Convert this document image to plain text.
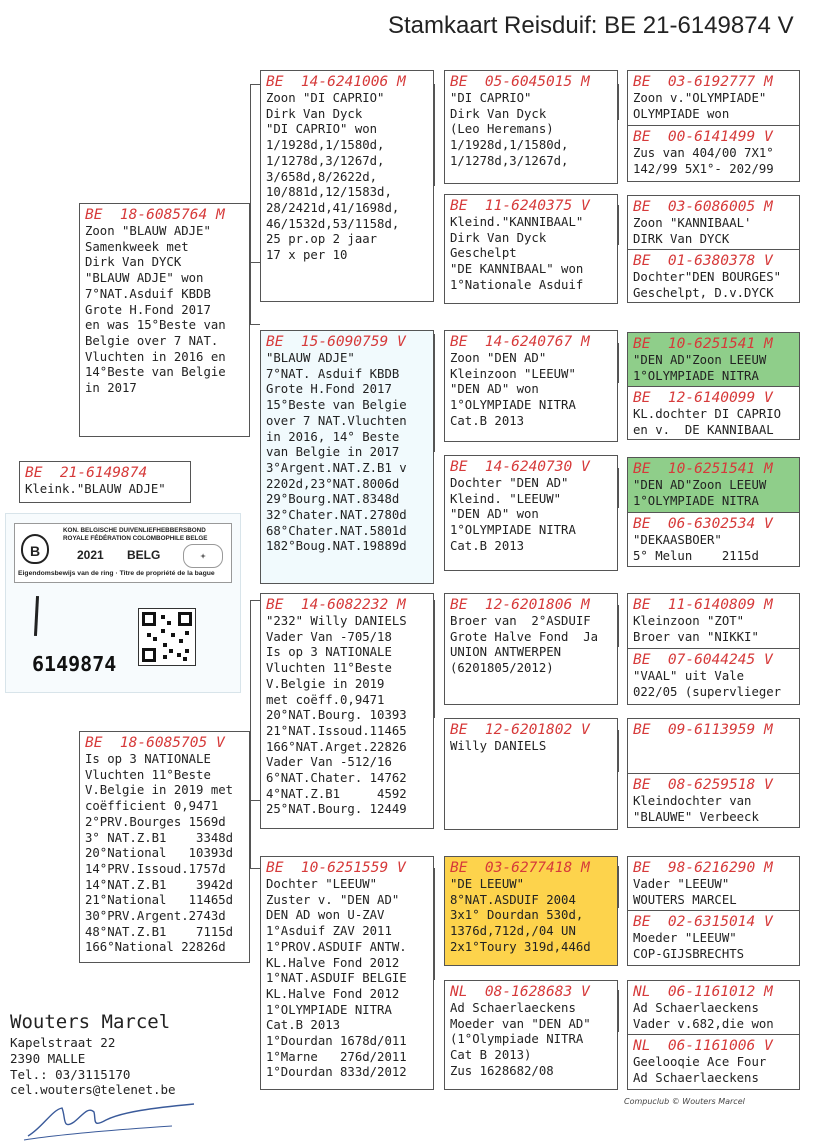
Stamkaart Reisduif: BE 21-6149874 V
BE  21-6149874
Kleink."BLAUW ADJE"
BE  18-6085764 M
Zoon "BLAUW ADJE"
Samenkweek met
Dirk Van DYCK
"BLAUW ADJE" won
7°NAT.Asduif KBDB
Grote H.Fond 2017
en was 15°Beste van
Belgie over 7 NAT.
Vluchten in 2016 en
14°Beste van Belgie
in 2017
BE  18-6085705 V
Is op 3 NATIONALE
Vluchten 11°Beste
V.Belgie in 2019 met
coëfficient 0,9471
2°PRV.Bourges 1569d
3° NAT.Z.B1    3348d
20°National   10393d
14°PRV.Issoud.1757d
14°NAT.Z.B1    3942d
21°National   11465d
30°PRV.Argent.2743d
48°NAT.Z.B1    7115d
166°National 22826d
BE  14-6241006 M
Zoon "DI CAPRIO"
Dirk Van Dyck
"DI CAPRIO" won
1/1928d,1/1580d,
1/1278d,3/1267d,
3/658d,8/2622d,
10/881d,12/1583d,
28/2421d,41/1698d,
46/1532d,53/1158d,
25 pr.op 2 jaar
17 x per 10
BE  15-6090759 V
"BLAUW ADJE"
7°NAT. Asduif KBDB
Grote H.Fond 2017
15°Beste van Belgie
over 7 NAT.Vluchten
in 2016, 14° Beste
van Belgie in 2017
3°Argent.NAT.Z.B1 v
2202d,23°NAT.8006d
29°Bourg.NAT.8348d
32°Chater.NAT.2780d
68°Chater.NAT.5801d
182°Boug.NAT.19889d
BE  14-6082232 M
"232" Willy DANIELS
Vader Van -705/18
Is op 3 NATIONALE
Vluchten 11°Beste
V.Belgie in 2019
met coëff.0,9471
20°NAT.Bourg. 10393
21°NAT.Issoud.11465
166°NAT.Arget.22826
Vader Van -512/16
6°NAT.Chater. 14762
4°NAT.Z.B1     4592
25°NAT.Bourg. 12449
BE  10-6251559 V
Dochter "LEEUW"
Zuster v. "DEN AD"
DEN AD won U-ZAV
1°Asduif ZAV 2011
1°PROV.ASDUIF ANTW.
KL.Halve Fond 2012
1°NAT.ASDUIF BELGIE
KL.Halve Fond 2012
1°OLYMPIADE NITRA
Cat.B 2013
1°Dourdan 1678d/011
1°Marne   276d/2011
1°Dourdan 833d/2012
BE  05-6045015 M
"DI CAPRIO"
Dirk Van Dyck
(Leo Heremans)
1/1928d,1/1580d,
1/1278d,3/1267d,
BE  11-6240375 V
Kleind."KANNIBAAL"
Dirk Van Dyck
Geschelpt
"DE KANNIBAAL" won
1°Nationale Asduif
BE  14-6240767 M
Zoon "DEN AD"
Kleinzoon "LEEUW"
"DEN AD" won
1°OLYMPIADE NITRA
Cat.B 2013
BE  14-6240730 V
Dochter "DEN AD"
Kleind. "LEEUW"
"DEN AD" won
1°OLYMPIADE NITRA
Cat.B 2013
BE  12-6201806 M
Broer van  2°ASDUIF
Grote Halve Fond  Ja
UNION ANTWERPEN
(6201805/2012)
BE  12-6201802 V
Willy DANIELS
BE  03-6277418 M
"DE LEEUW"
8°NAT.ASDUIF 2004
3x1° Dourdan 530d,
1376d,712d,/04 UN
2x1°Toury 319d,446d
NL  08-1628683 V
Ad Schaerlaeckens
Moeder van "DEN AD"
(1°Olympiade NITRA
Cat B 2013)
Zus 1628682/08
BE  03-6192777 M
Zoon v."OLYMPIADE"
OLYMPIADE won
BE  00-6141499 V
Zus van 404/00 7X1°
142/99 5X1°- 202/99
BE  03-6086005 M
Zoon "KANNIBAAL'
DIRK Van DYCK
BE  01-6380378 V
Dochter"DEN BOURGES"
Geschelpt, D.v.DYCK
BE  10-6251541 M
"DEN AD"Zoon LEEUW
1°OLYMPIADE NITRA
BE  12-6140099 V
KL.dochter DI CAPRIO
en v.  DE KANNIBAAL
BE  10-6251541 M
"DEN AD"Zoon LEEUW
1°OLYMPIADE NITRA
BE  06-6302534 V
"DEKAASBOER"
5° Melun    2115d
BE  11-6140809 M
Kleinzoon "ZOT"
Broer van "NIKKI"
BE  07-6044245 V
"VAAL" uit Vale
022/05 (supervlieger
BE  09-6113959 M
BE  08-6259518 V
Kleindochter van
"BLAUWE" Verbeeck
BE  98-6216290 M
Vader "LEEUW"
WOUTERS MARCEL
BE  02-6315014 V
Moeder "LEEUW"
COP-GIJSBRECHTS
NL  06-1161012 M
Ad Schaerlaeckens
Vader v.682,die won
NL  06-1161006 V
Geelooqie Ace Four
Ad Schaerlaeckens
B
KON. BELGISCHE DUIVENLIEFHEBBERSBOND
ROYALE FÉDÉRATION COLOMBOPHILE BELGE
2021 BELG	✦
Eigendomsbewijs van de ring · Titre de propriété de la bague
6149874
Wouters Marcel
Kapelstraat 22
2390 MALLE
Tel.: 03/3115170
cel.wouters@telenet.be
Compuclub © Wouters Marcel
